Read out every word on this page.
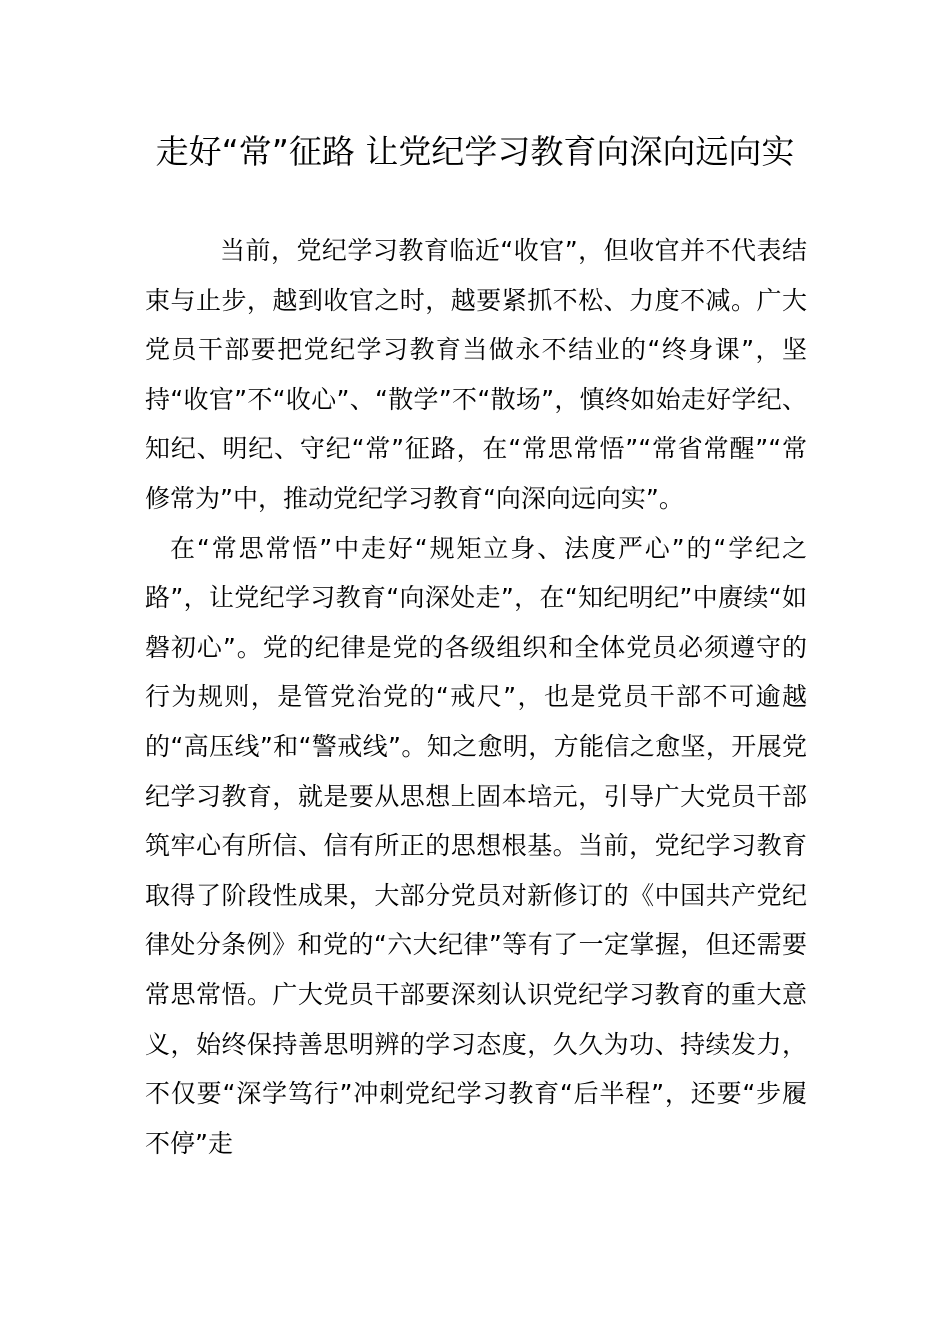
走好“常”征路 让党纪学习教育向深向远向实

当前，党纪学习教育临近“收官”，但收官并不代表结束与止步，越到收官之时，越要紧抓不松、力度不减。广大党员干部要把党纪学习教育当做永不结业的“终身课”，坚持“收官”不“收心”、“散学”不“散场”，慎终如始走好学纪、知纪、明纪、守纪“常”征路，在“常思常悟”“常省常醒”“常修常为”中，推动党纪学习教育“向深向远向实”。

在“常思常悟”中走好“规矩立身、法度严心”的“学纪之路”，让党纪学习教育“向深处走”，在“知纪明纪”中赓续“如磐初心”。党的纪律是党的各级组织和全体党员必须遵守的行为规则，是管党治党的“戒尺”，也是党员干部不可逾越的“高压线”和“警戒线”。知之愈明，方能信之愈坚，开展党纪学习教育，就是要从思想上固本培元，引导广大党员干部筑牢心有所信、信有所正的思想根基。当前，党纪学习教育取得了阶段性成果，大部分党员对新修订的《中国共产党纪律处分条例》和党的“六大纪律”等有了一定掌握，但还需要常思常悟。广大党员干部要深刻认识党纪学习教育的重大意义，始终保持善思明辨的学习态度，久久为功、持续发力，不仅要“深学笃行”冲刺党纪学习教育“后半程”，还要“步履不停”走
